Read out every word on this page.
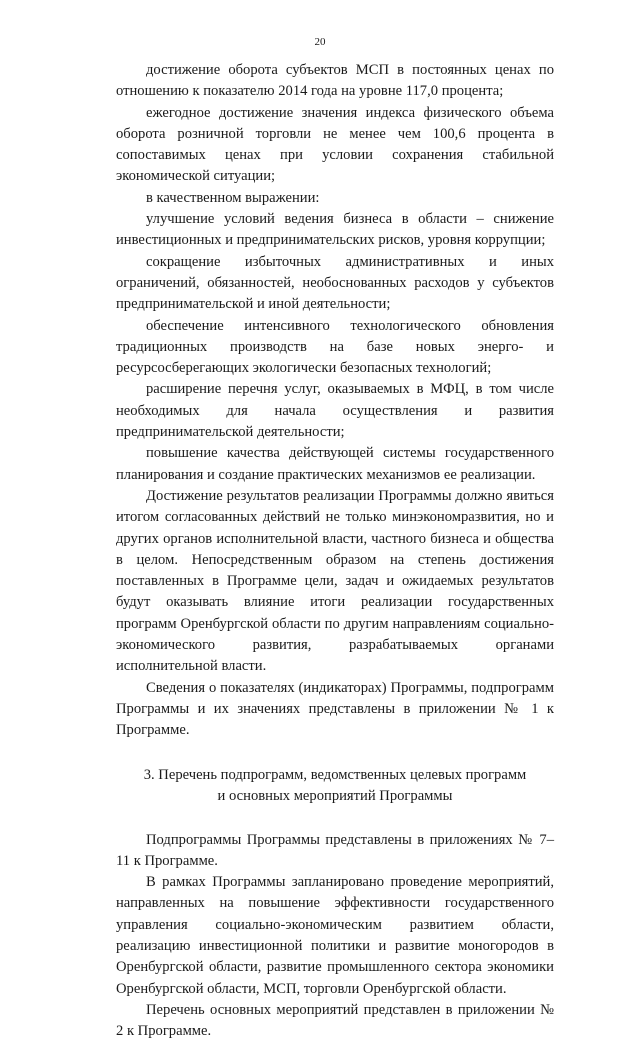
20

достижение оборота субъектов МСП в постоянных ценах по отношению к показателю 2014 года на уровне 117,0 процента;

ежегодное достижение значения индекса физического объема оборота розничной торговли не менее чем 100,6 процента в сопоставимых ценах при условии сохранения стабильной экономической ситуации;

в качественном выражении:

улучшение условий ведения бизнеса в области – снижение инвестиционных и предпринимательских рисков, уровня коррупции;

сокращение избыточных административных и иных ограничений, обязанностей, необоснованных расходов у субъектов предпринимательской и иной деятельности;

обеспечение интенсивного технологического обновления традиционных производств на базе новых энерго- и ресурсосберегающих экологически безопасных технологий;

расширение перечня услуг, оказываемых в МФЦ, в том числе необходимых для начала осуществления и развития предпринимательской деятельности;

повышение качества действующей системы государственного планирования и создание практических механизмов ее реализации.

Достижение результатов реализации Программы должно явиться итогом согласованных действий не только минэкономразвития, но и других органов исполнительной власти, частного бизнеса и общества в целом. Непосредственным образом на степень достижения поставленных в Программе цели, задач и ожидаемых результатов будут оказывать влияние итоги реализации государственных программ Оренбургской области по другим направлениям социально-экономического развития, разрабатываемых органами исполнительной власти.

Сведения о показателях (индикаторах) Программы, подпрограмм Программы и их значениях представлены в приложении № 1 к Программе.

3. Перечень подпрограмм, ведомственных целевых программ
и основных мероприятий Программы

Подпрограммы Программы представлены в приложениях № 7–11 к Программе.

В рамках Программы запланировано проведение мероприятий, направленных на повышение эффективности государственного управления социально-экономическим развитием области, реализацию инвестиционной политики и развитие моногородов в Оренбургской области, развитие промышленного сектора экономики Оренбургской области, МСП, торговли Оренбургской области.

Перечень основных мероприятий представлен в приложении № 2 к Программе.
